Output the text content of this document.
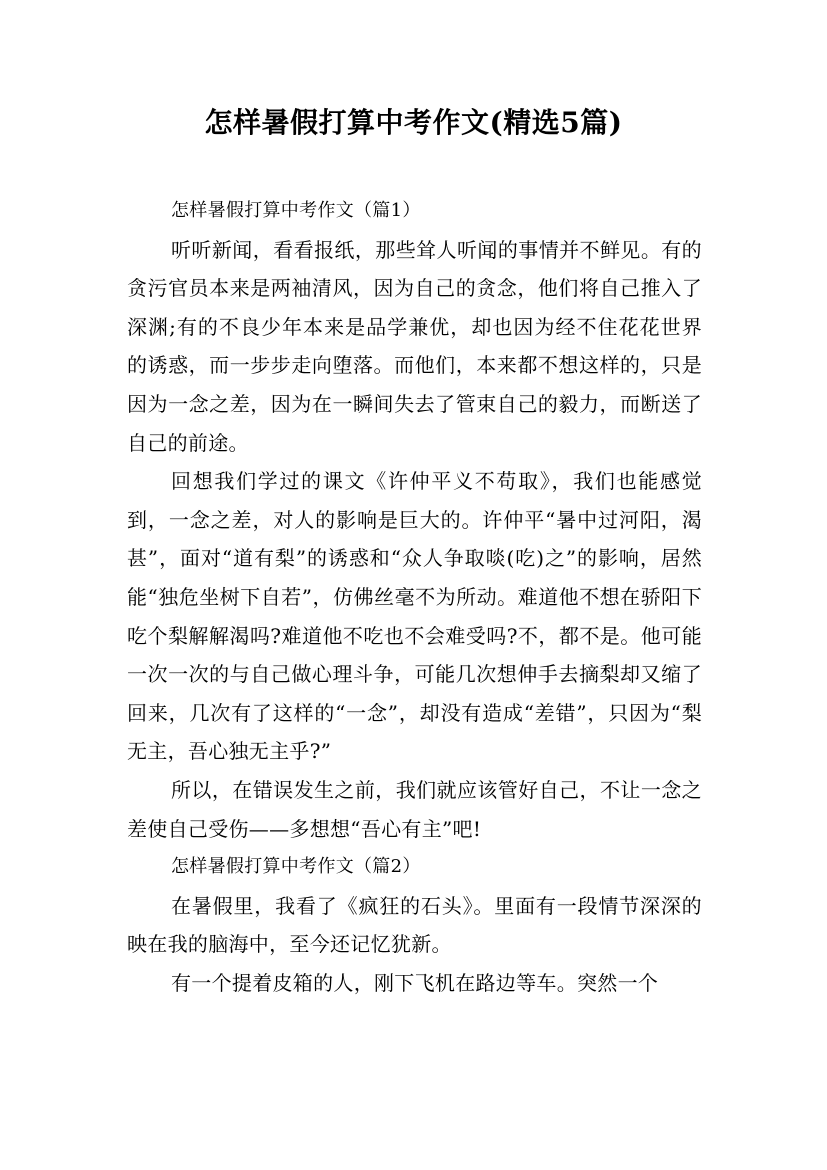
怎样暑假打算中考作文(精选5篇)

怎样暑假打算中考作文（篇1）

听听新闻，看看报纸，那些耸人听闻的事情并不鲜见。有的贪污官员本来是两袖清风，因为自己的贪念，他们将自己推入了深渊;有的不良少年本来是品学兼优，却也因为经不住花花世界的诱惑，而一步步走向堕落。而他们，本来都不想这样的，只是因为一念之差，因为在一瞬间失去了管束自己的毅力，而断送了自己的前途。

回想我们学过的课文《许仲平义不苟取》，我们也能感觉到，一念之差，对人的影响是巨大的。许仲平“暑中过河阳，渴甚”，面对“道有梨”的诱惑和“众人争取啖(吃)之”的影响，居然能“独危坐树下自若”，仿佛丝毫不为所动。难道他不想在骄阳下吃个梨解解渴吗?难道他不吃也不会难受吗?不，都不是。他可能一次一次的与自己做心理斗争，可能几次想伸手去摘梨却又缩了回来，几次有了这样的“一念”，却没有造成“差错”，只因为“梨无主，吾心独无主乎?”

所以，在错误发生之前，我们就应该管好自己，不让一念之差使自己受伤——多想想“吾心有主”吧!

怎样暑假打算中考作文（篇2）

在暑假里，我看了《疯狂的石头》。里面有一段情节深深的映在我的脑海中，至今还记忆犹新。

有一个提着皮箱的人，刚下飞机在路边等车。突然一个
